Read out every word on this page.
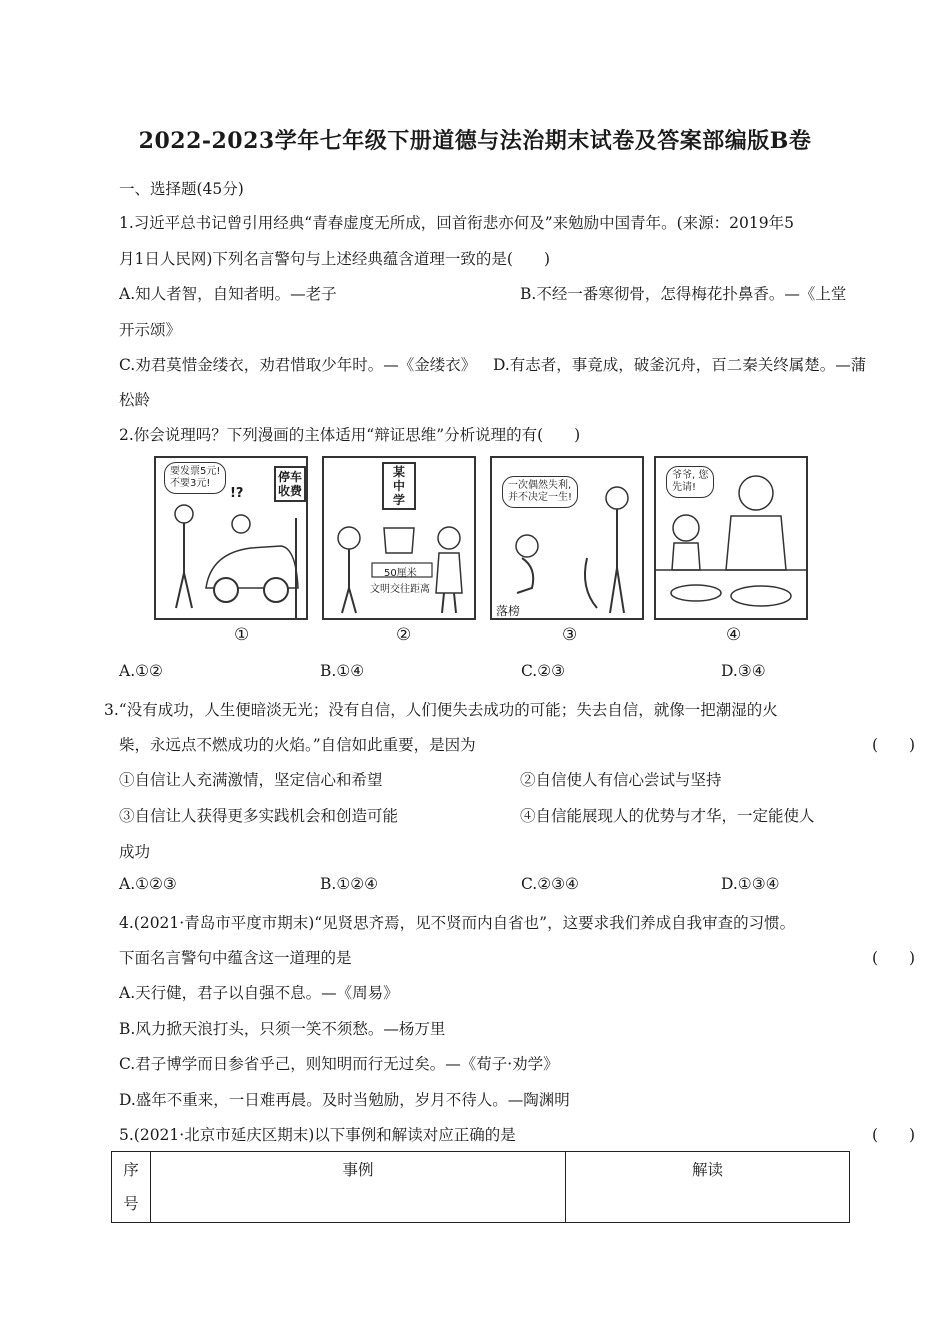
2022-2023学年七年级下册道德与法治期末试卷及答案部编版B卷
一、选择题(45分)
1.习近平总书记曾引用经典“青春虚度无所成，回首衔悲亦何及”来勉励中国青年。(来源：2019年5
月1日人民网)下列名言警句与上述经典蕴含道理一致的是(　　)
A.知人者智，自知者明。—老子	B.不经一番寒彻骨，怎得梅花扑鼻香。—《上堂
开示颂》
C.劝君莫惜金缕衣，劝君惜取少年时。—《金缕衣》 D.有志者，事竟成，破釜沉舟，百二秦关终属楚。—蒲
松龄
2.你会说理吗？下列漫画的主体适用“辩证思维”分析说理的有(　　)
要发票5元!
不要3元!
!?
停车
收费
某
中
学
50厘米
文明交往距离
一次偶然失利,
并不决定一生!
落榜
爷爷, 您
先请!
①	②	③	④
A.①②	B.①④	C.②③	D.③④
3.“没有成功，人生便暗淡无光；没有自信，人们便失去成功的可能；失去自信，就像一把潮湿的火
柴，永远点不燃成功的火焰。”自信如此重要，是因为	(　　)
①自信让人充满激情，坚定信心和希望	②自信使人有信心尝试与坚持
③自信让人获得更多实践机会和创造可能	④自信能展现人的优势与才华，一定能使人
成功
A.①②③	B.①②④	C.②③④	D.①③④
4.(2021·青岛市平度市期末)“见贤思齐焉，见不贤而内自省也”，这要求我们养成自我审查的习惯。
下面名言警句中蕴含这一道理的是	(　　)
A.天行健，君子以自强不息。—《周易》
B.风力掀天浪打头，只须一笑不须愁。—杨万里
C.君子博学而日参省乎己，则知明而行无过矣。—《荀子·劝学》
D.盛年不重来，一日难再晨。及时当勉励，岁月不待人。—陶渊明
5.(2021·北京市延庆区期末)以下事例和解读对应正确的是	(　　)
序
号
	事例	解读
